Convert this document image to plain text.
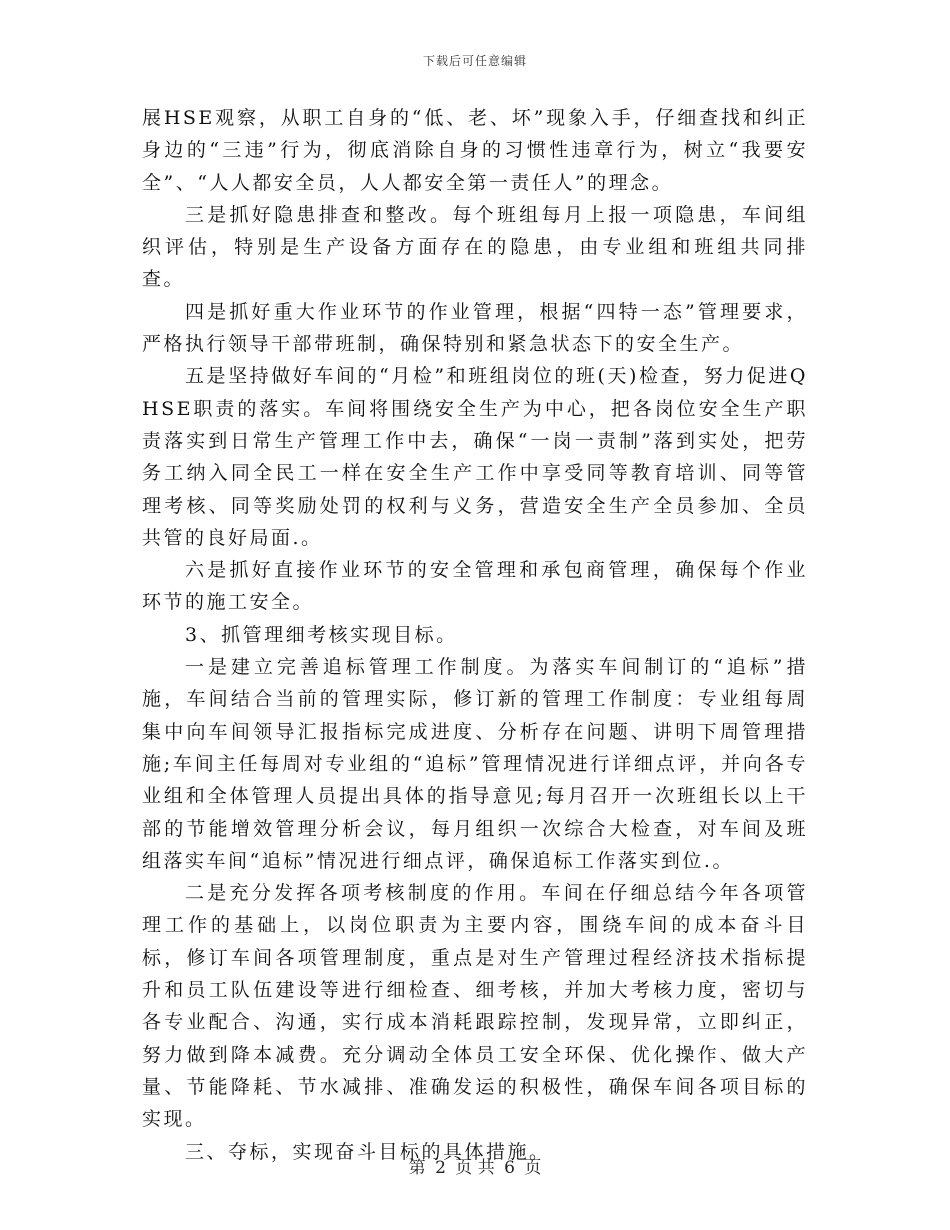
下载后可任意编辑

展HSE观察，从职工自身的“低、老、坏”现象入手，仔细查找和纠正身边的“三违”行为，彻底消除自身的习惯性违章行为，树立“我要安全”、“人人都安全员，人人都安全第一责任人”的理念。

三是抓好隐患排查和整改。每个班组每月上报一项隐患，车间组织评估，特别是生产设备方面存在的隐患，由专业组和班组共同排查。

四是抓好重大作业环节的作业管理，根据“四特一态”管理要求，严格执行领导干部带班制，确保特别和紧急状态下的安全生产。

五是坚持做好车间的“月检”和班组岗位的班(天)检查，努力促进QHSE职责的落实。车间将围绕安全生产为中心，把各岗位安全生产职责落实到日常生产管理工作中去，确保“一岗一责制”落到实处，把劳务工纳入同全民工一样在安全生产工作中享受同等教育培训、同等管理考核、同等奖励处罚的权利与义务，营造安全生产全员参加、全员共管的良好局面.。

六是抓好直接作业环节的安全管理和承包商管理，确保每个作业环节的施工安全。

3、抓管理细考核实现目标。

一是建立完善追标管理工作制度。为落实车间制订的“追标”措施，车间结合当前的管理实际，修订新的管理工作制度：专业组每周集中向车间领导汇报指标完成进度、分析存在问题、讲明下周管理措施;车间主任每周对专业组的“追标”管理情况进行详细点评，并向各专业组和全体管理人员提出具体的指导意见;每月召开一次班组长以上干部的节能增效管理分析会议，每月组织一次综合大检查，对车间及班组落实车间“追标”情况进行细点评，确保追标工作落实到位.。

二是充分发挥各项考核制度的作用。车间在仔细总结今年各项管理工作的基础上，以岗位职责为主要内容，围绕车间的成本奋斗目标，修订车间各项管理制度，重点是对生产管理过程经济技术指标提升和员工队伍建设等进行细检查、细考核，并加大考核力度，密切与各专业配合、沟通，实行成本消耗跟踪控制，发现异常，立即纠正，努力做到降本减费。充分调动全体员工安全环保、优化操作、做大产量、节能降耗、节水减排、准确发运的积极性，确保车间各项目标的实现。

三、夺标，实现奋斗目标的具体措施。

第 2 页 共 6 页
